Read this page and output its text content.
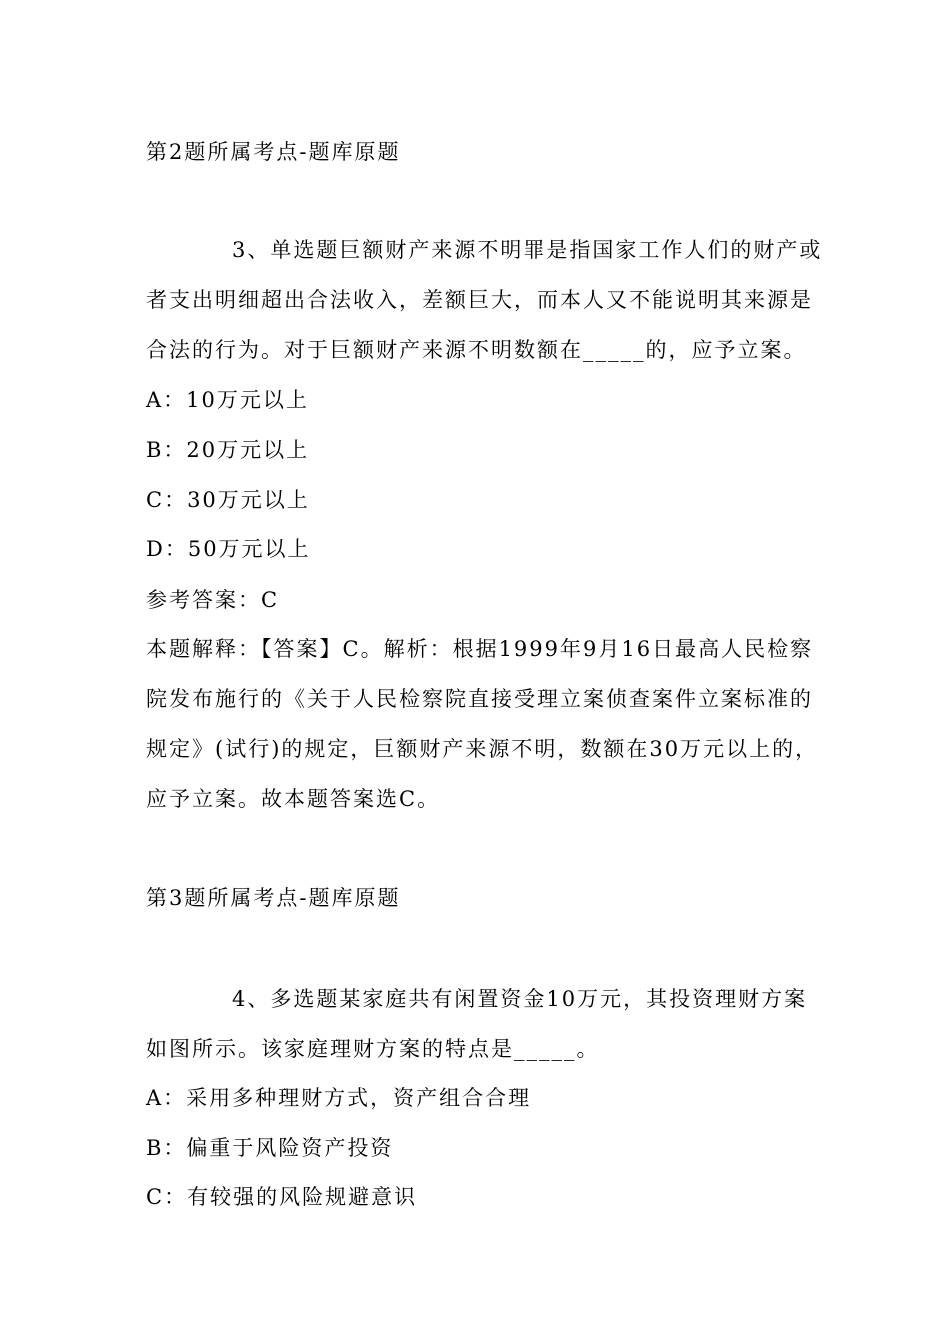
第2题所属考点-题库原题
3、单选题巨额财产来源不明罪是指国家工作人们的财产或
者支出明细超出合法收入，差额巨大，而本人又不能说明其来源是
合法的行为。对于巨额财产来源不明数额在_____的，应予立案。
A：10万元以上
B：20万元以上
C：30万元以上
D：50万元以上
参考答案：C
本题解释：【答案】C。解析：根据1999年9月16日最高人民检察
院发布施行的《关于人民检察院直接受理立案侦查案件立案标准的
规定》(试行)的规定，巨额财产来源不明，数额在30万元以上的，
应予立案。故本题答案选C。
第3题所属考点-题库原题
4、多选题某家庭共有闲置资金10万元，其投资理财方案
如图所示。该家庭理财方案的特点是_____。
A：采用多种理财方式，资产组合合理
B：偏重于风险资产投资
C：有较强的风险规避意识
